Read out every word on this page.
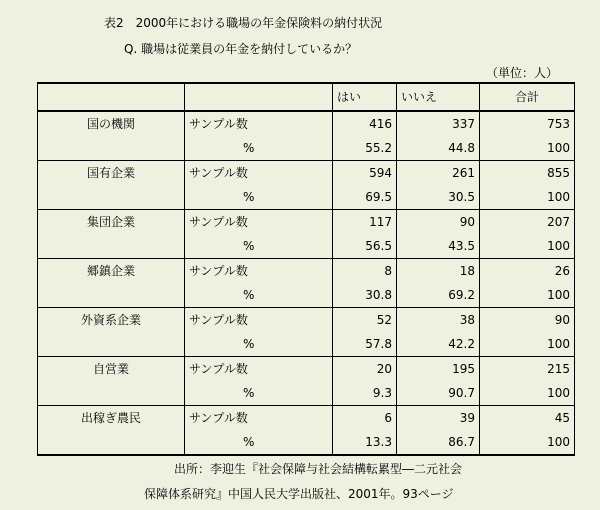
表2　2000年における職場の年金保険料の納付状況
Q. 職場は従業員の年金を納付しているか？
（単位：人）
		はい	いいえ	合計
国の機関	サンプル数	416	337	753
	%	55.2	44.8	100
国有企業	サンプル数	594	261	855
	%	69.5	30.5	100
集団企業	サンプル数	117	90	207
	%	56.5	43.5	100
郷鎮企業	サンプル数	8	18	26
	%	30.8	69.2	100
外資系企業	サンプル数	52	38	90
	%	57.8	42.2	100
自営業	サンプル数	20	195	215
	%	9.3	90.7	100
出稼ぎ農民	サンプル数	6	39	45
	%	13.3	86.7	100
出所：李迎生『社会保障与社会結構転累型―二元社会
保障体系研究』中国人民大学出版社、2001年。93ページ
